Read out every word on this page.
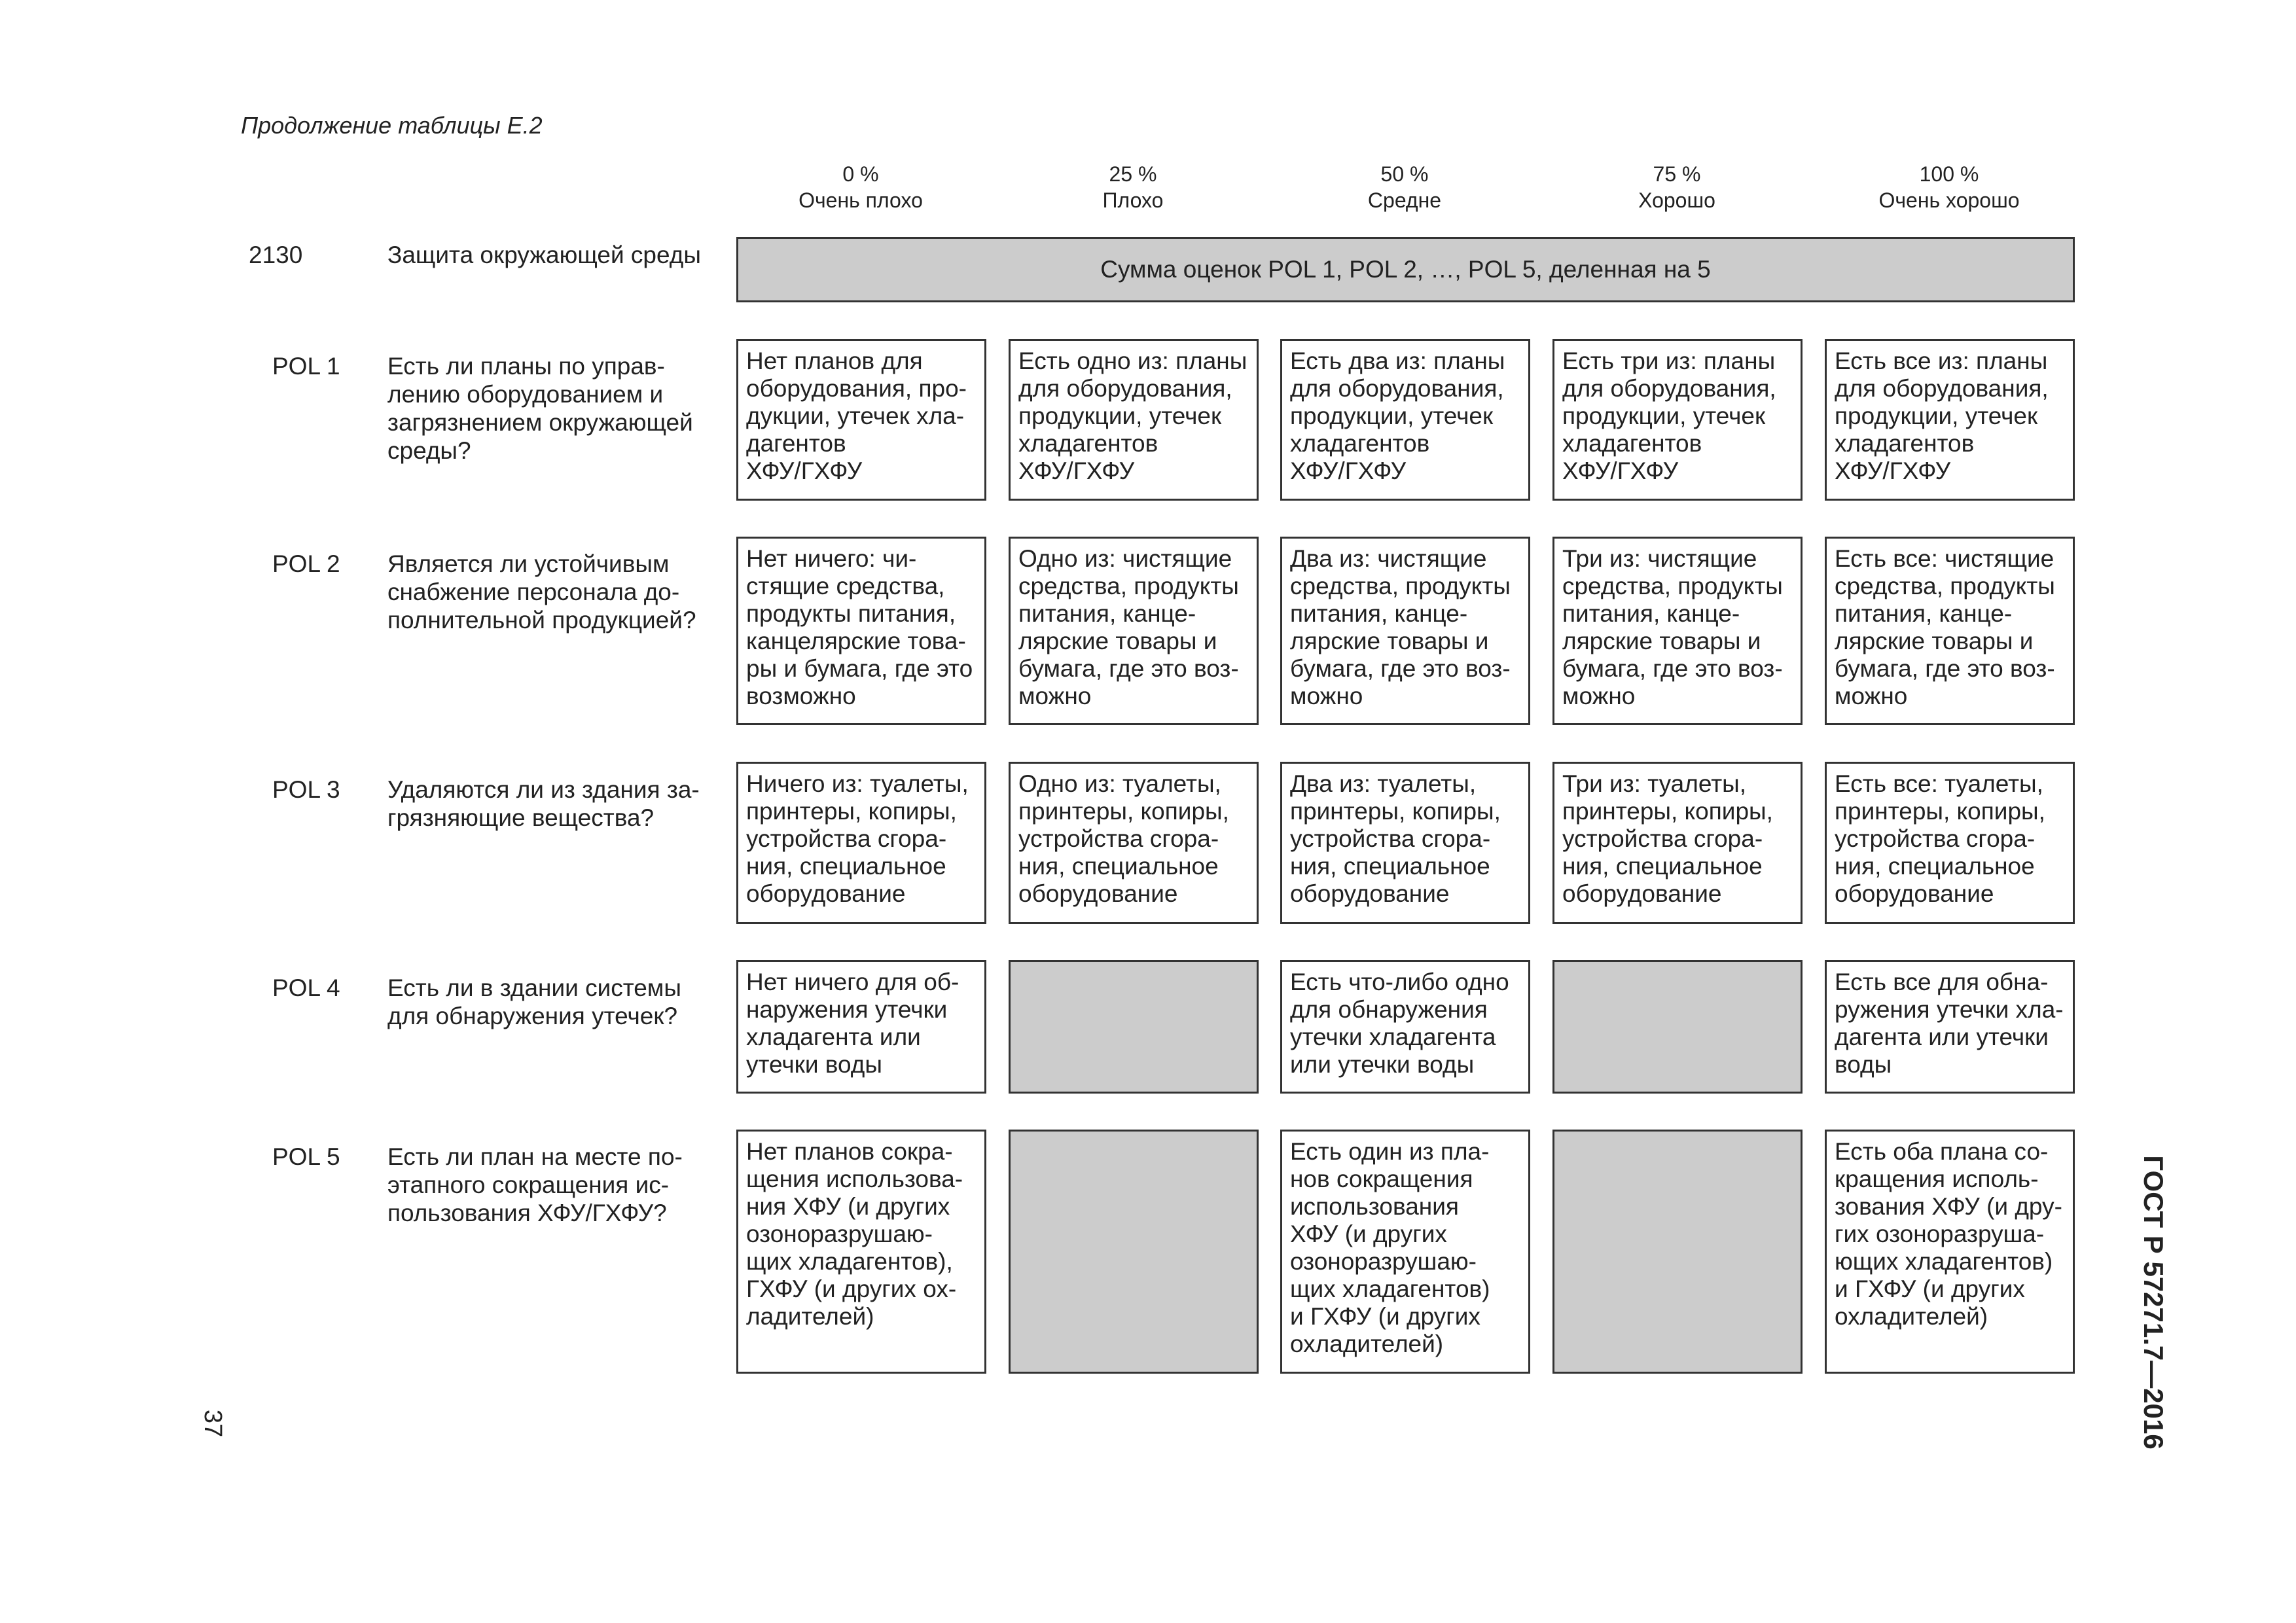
Продолжение таблицы Е.2
0 %
Очень плохо
25 %
Плохо
50 %
Средне
75 %
Хорошо
100 %
Очень хорошо
2130	Защита окружающей среды
Сумма оценок POL 1, POL 2, …, POL 5, деленная на 5
POL 1 Есть ли планы по управ-
лению оборудованием и
загрязнением окружающей
среды?
Нет планов для
оборудования, про-
дукции, утечек хла-
дагентов
ХФУ/ГХФУ
Есть одно из: планы
для оборудования,
продукции, утечек
хладагентов
ХФУ/ГХФУ
Есть два из: планы
для оборудования,
продукции, утечек
хладагентов
ХФУ/ГХФУ
Есть три из: планы
для оборудования,
продукции, утечек
хладагентов
ХФУ/ГХФУ
Есть все из: планы
для оборудования,
продукции, утечек
хладагентов
ХФУ/ГХФУ
POL 2 Является ли устойчивым
снабжение персонала до-
полнительной продукцией?
Нет ничего: чи-
стящие средства,
продукты питания,
канцелярские това-
ры и бумага, где это
возможно
Одно из: чистящие
средства, продукты
питания, канце-
лярские товары и
бумага, где это воз-
можно
Два из: чистящие
средства, продукты
питания, канце-
лярские товары и
бумага, где это воз-
можно
Три из: чистящие
средства, продукты
питания, канце-
лярские товары и
бумага, где это воз-
можно
Есть все: чистящие
средства, продукты
питания, канце-
лярские товары и
бумага, где это воз-
можно
POL 3 Удаляются ли из здания за-
грязняющие вещества?
Ничего из: туалеты,
принтеры, копиры,
устройства сгора-
ния, специальное
оборудование
Одно из: туалеты,
принтеры, копиры,
устройства сгора-
ния, специальное
оборудование
Два из: туалеты,
принтеры, копиры,
устройства сгора-
ния, специальное
оборудование
Три из: туалеты,
принтеры, копиры,
устройства сгора-
ния, специальное
оборудование
Есть все: туалеты,
принтеры, копиры,
устройства сгора-
ния, специальное
оборудование
POL 4 Есть ли в здании системы
для обнаружения утечек?
Нет ничего для об-
наружения утечки
хладагента или
утечки воды
Есть что-либо одно
для обнаружения
утечки хладагента
или утечки воды
Есть все для обна-
ружения утечки хла-
дагента или утечки
воды
POL 5 Есть ли план на месте по-
этапного сокращения ис-
пользования ХФУ/ГХФУ?
Нет планов сокра-
щения использова-
ния ХФУ (и других
озоноразрушаю-
щих хладагентов),
ГХФУ (и других ох-
ладителей)
Есть один из пла-
нов сокращения
использования
ХФУ (и других
озоноразрушаю-
щих хладагентов)
и ГХФУ (и других
охладителей)
Есть оба плана со-
кращения исполь-
зования ХФУ (и дру-
гих озоноразруша-
ющих хладагентов)
и ГХФУ (и других
охладителей)
37	ГОСТ Р 57271.7—2016
